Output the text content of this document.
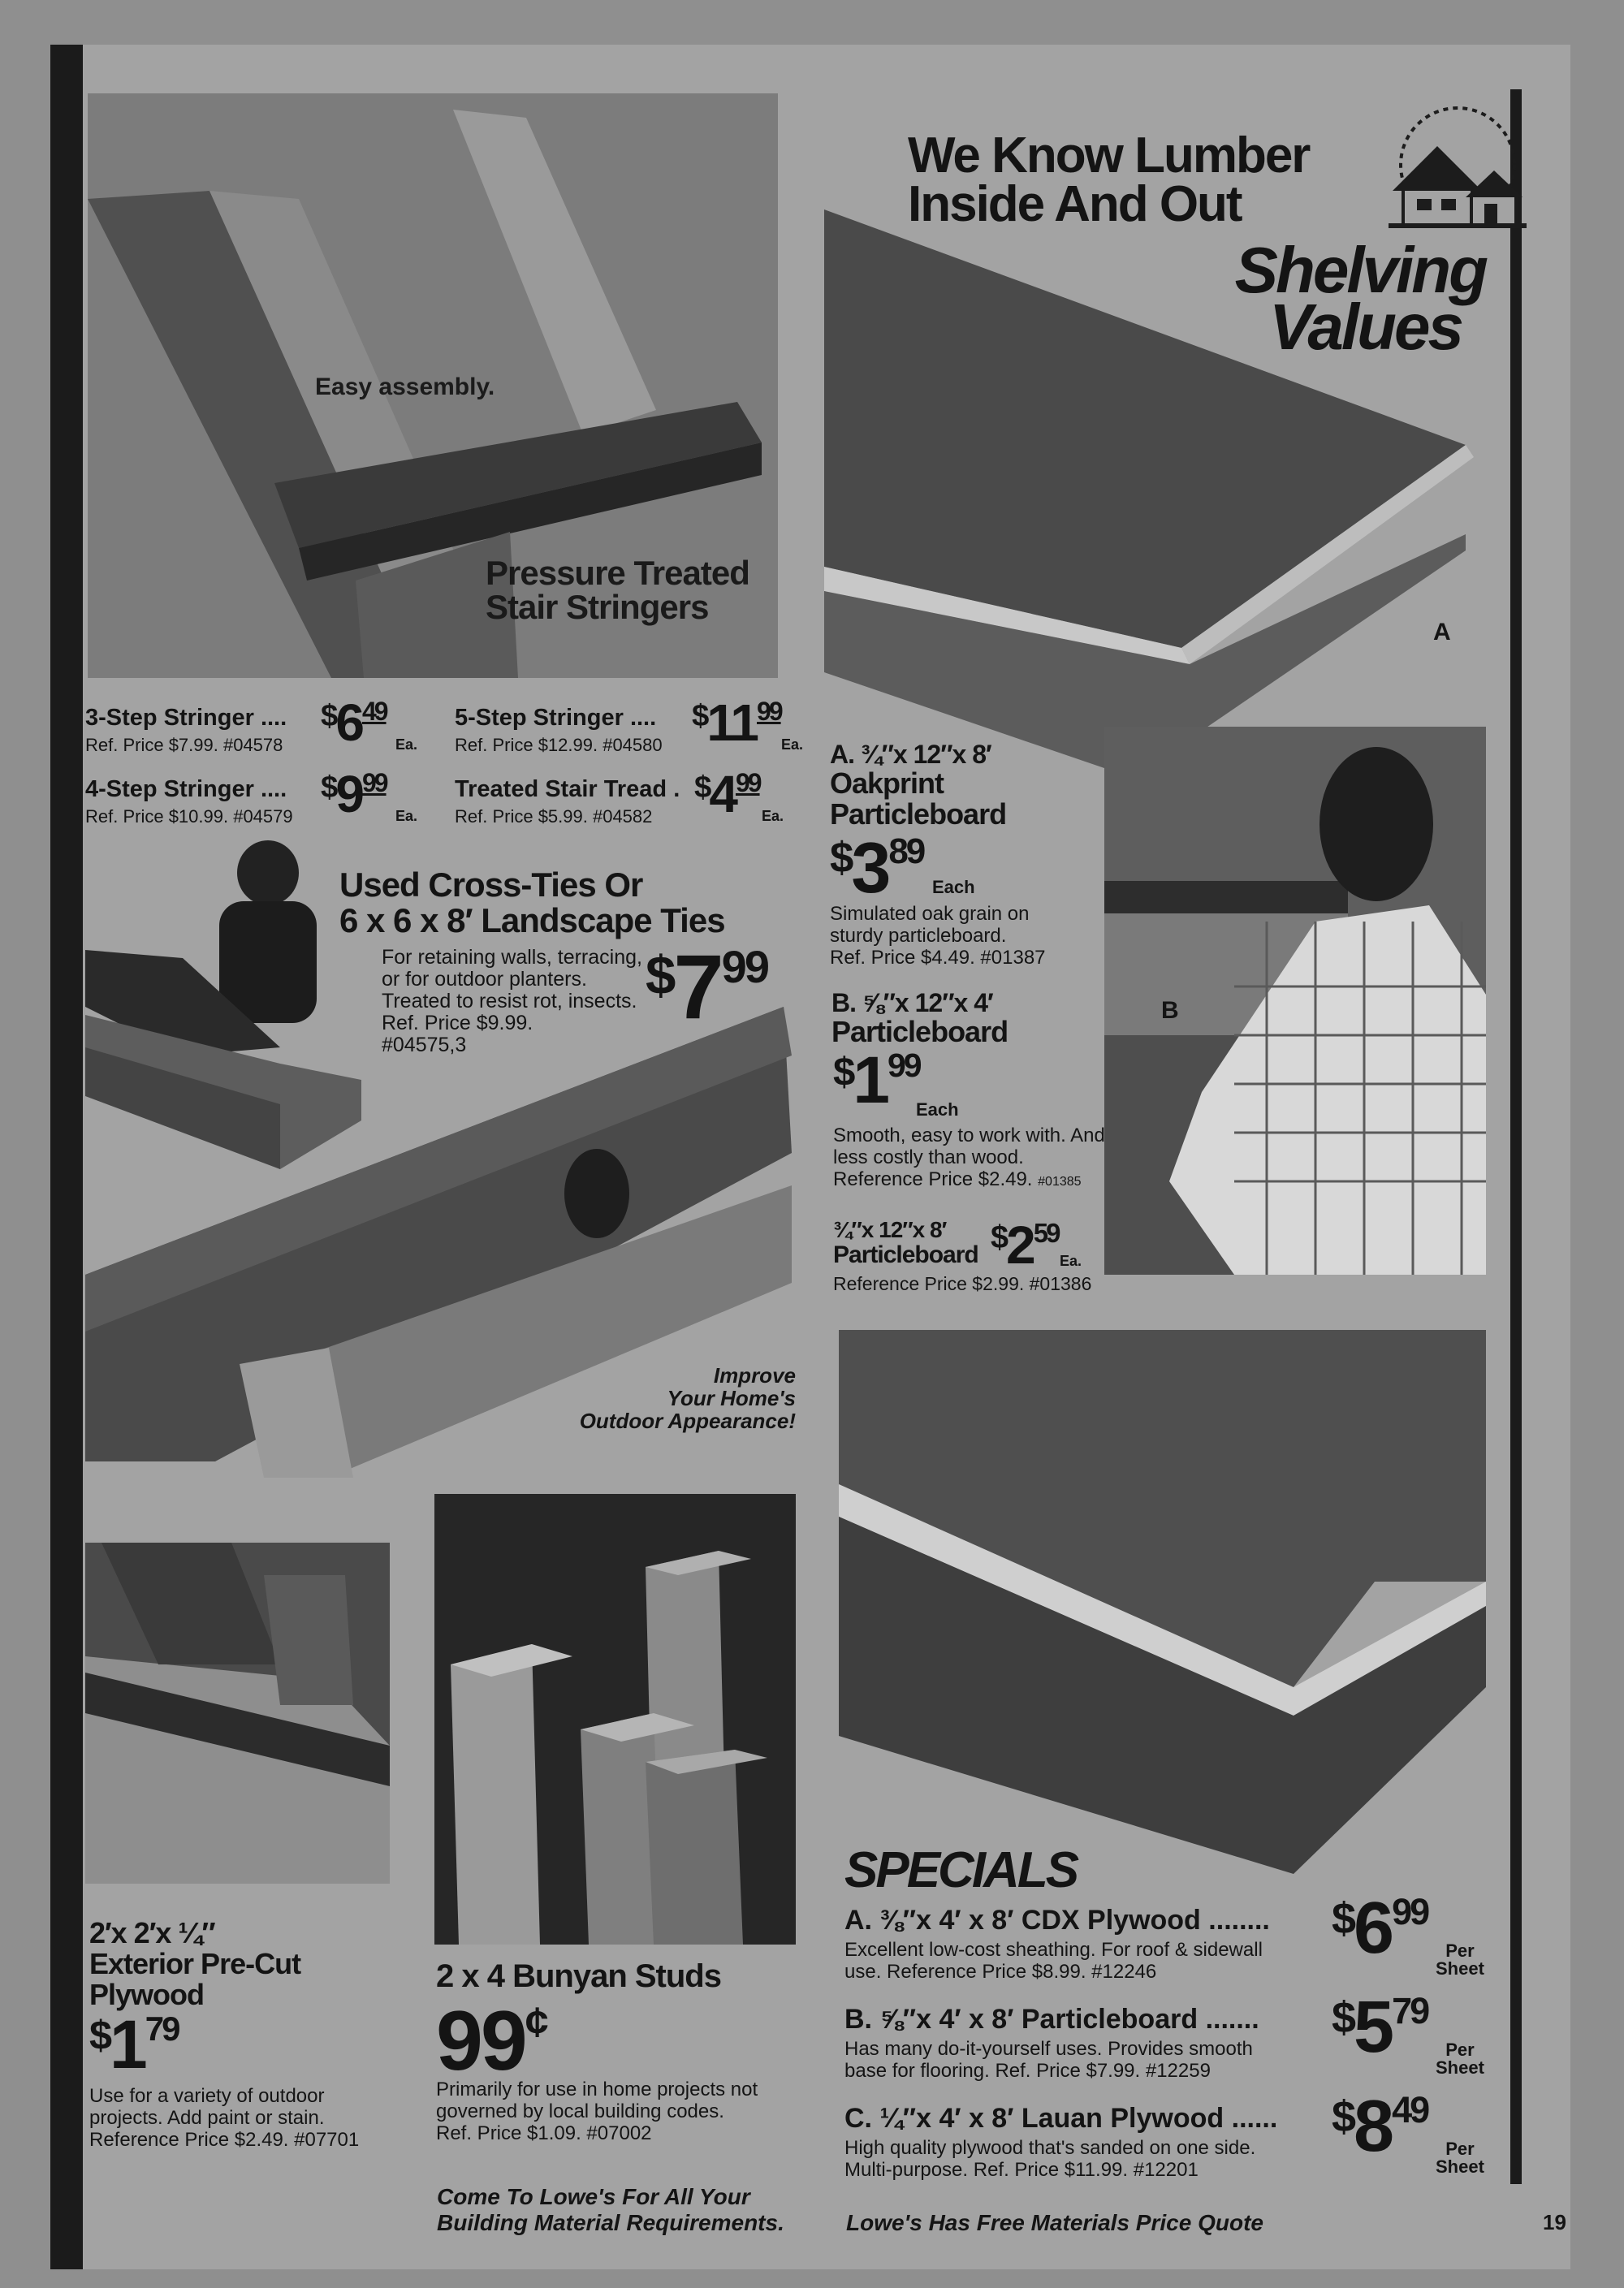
Easy assembly.
Pressure Treated
Stair Stringers
3-Step Stringer ....
Ref. Price $7.99. #04578
$ 6 49
Ea.
5-Step Stringer ....
Ref. Price $12.99. #04580
$ 11 99
Ea.
4-Step Stringer ....
Ref. Price $10.99. #04579
$ 9 99
Ea.
Treated Stair Tread .
Ref. Price $5.99. #04582
$ 4 99
Ea.
Used Cross-Ties Or
6 x 6 x 8′ Landscape Ties
For retaining walls, terracing, or for outdoor planters. Treated to resist rot, insects.
Ref. Price $9.99.
#04575,3
$ 7 99
Improve
Your Home's
Outdoor Appearance!
2′x 2′x ¼″
Exterior Pre-Cut
Plywood
$ 1 79
Use for a variety of outdoor projects. Add paint or stain.
Reference Price $2.49. #07701
2 x 4 Bunyan Studs
99 ¢
Primarily for use in home projects not governed by local building codes.
Ref. Price $1.09. #07002
We Know Lumber
Inside And Out
Shelving
Values
A
A. ¾″x 12″x 8′
Oakprint
Particleboard
$ 3 89
Each
Simulated oak grain on sturdy particleboard.
Ref. Price $4.49. #01387
B
B. ⅝″x 12″x 4′
Particleboard
$ 1 99
Each
Smooth, easy to work with. And less costly than wood.
Reference Price $2.49. #01385
¾″x 12″x 8′
Particleboard $ 2 59
Ea.
Reference Price $2.99. #01386
SPECIALS
A. ⅜″x 4′ x 8′ CDX Plywood ........
Excellent low-cost sheathing. For roof & sidewall use. Reference Price $8.99. #12246
$ 6 99
Per
Sheet
B. ⅝″x 4′ x 8′ Particleboard .......
Has many do-it-yourself uses. Provides smooth base for flooring. Ref. Price $7.99. #12259
$ 5 79
Per
Sheet
C. ¼″x 4′ x 8′ Lauan Plywood ......
High quality plywood that's sanded on one side. Multi-purpose. Ref. Price $11.99. #12201
$ 8 49
Per
Sheet
Come To Lowe's For All Your
Building Material Requirements.	Lowe's Has Free Materials Price Quote	19
